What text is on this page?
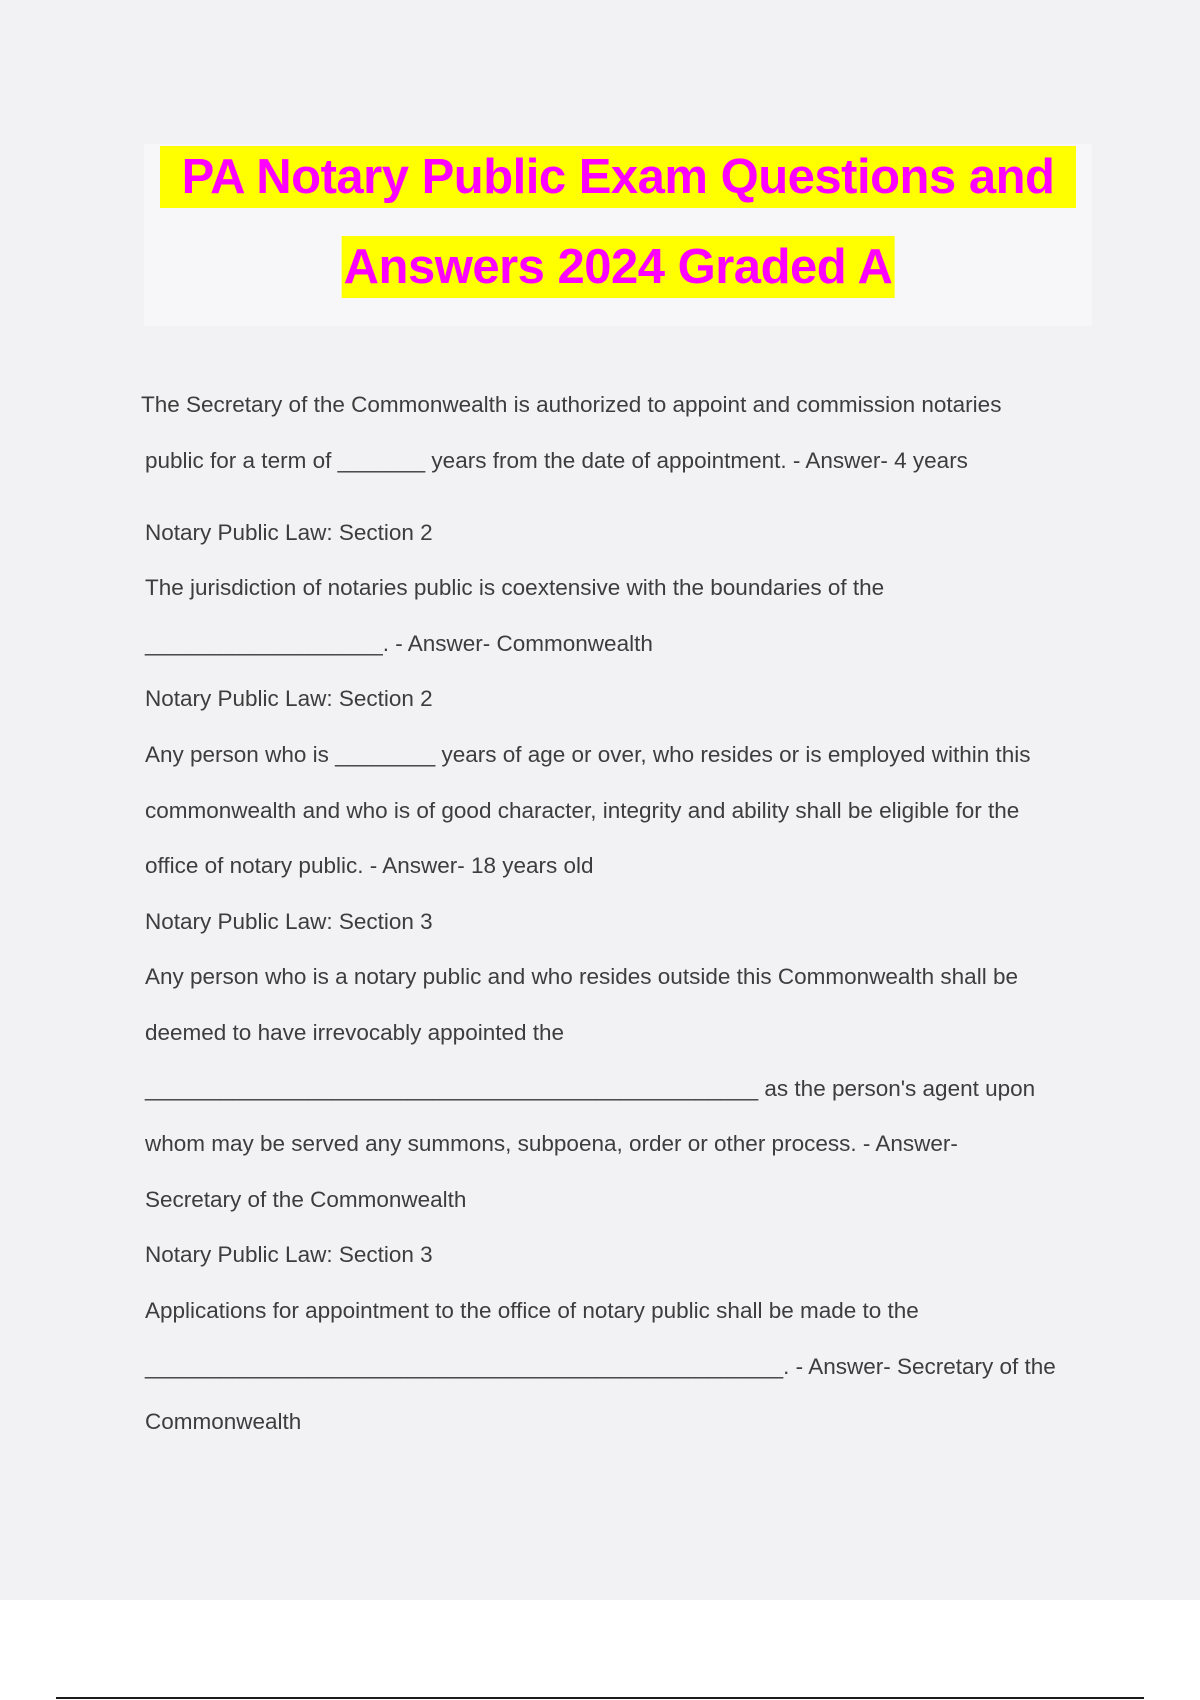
PA Notary Public Exam Questions and
Answers 2024 Graded A
The Secretary of the Commonwealth is authorized to appoint and commission notaries
public for a term of _______ years from the date of appointment. - Answer- 4 years
Notary Public Law: Section 2
The jurisdiction of notaries public is coextensive with the boundaries of the
___________________. - Answer- Commonwealth
Notary Public Law: Section 2
Any person who is ________ years of age or over, who resides or is employed within this
commonwealth and who is of good character, integrity and ability shall be eligible for the
office of notary public. - Answer- 18 years old
Notary Public Law: Section 3
Any person who is a notary public and who resides outside this Commonwealth shall be
deemed to have irrevocably appointed the
_________________________________________________ as the person's agent upon
whom may be served any summons, subpoena, order or other process. - Answer-
Secretary of the Commonwealth
Notary Public Law: Section 3
Applications for appointment to the office of notary public shall be made to the
___________________________________________________. - Answer- Secretary of the
Commonwealth
